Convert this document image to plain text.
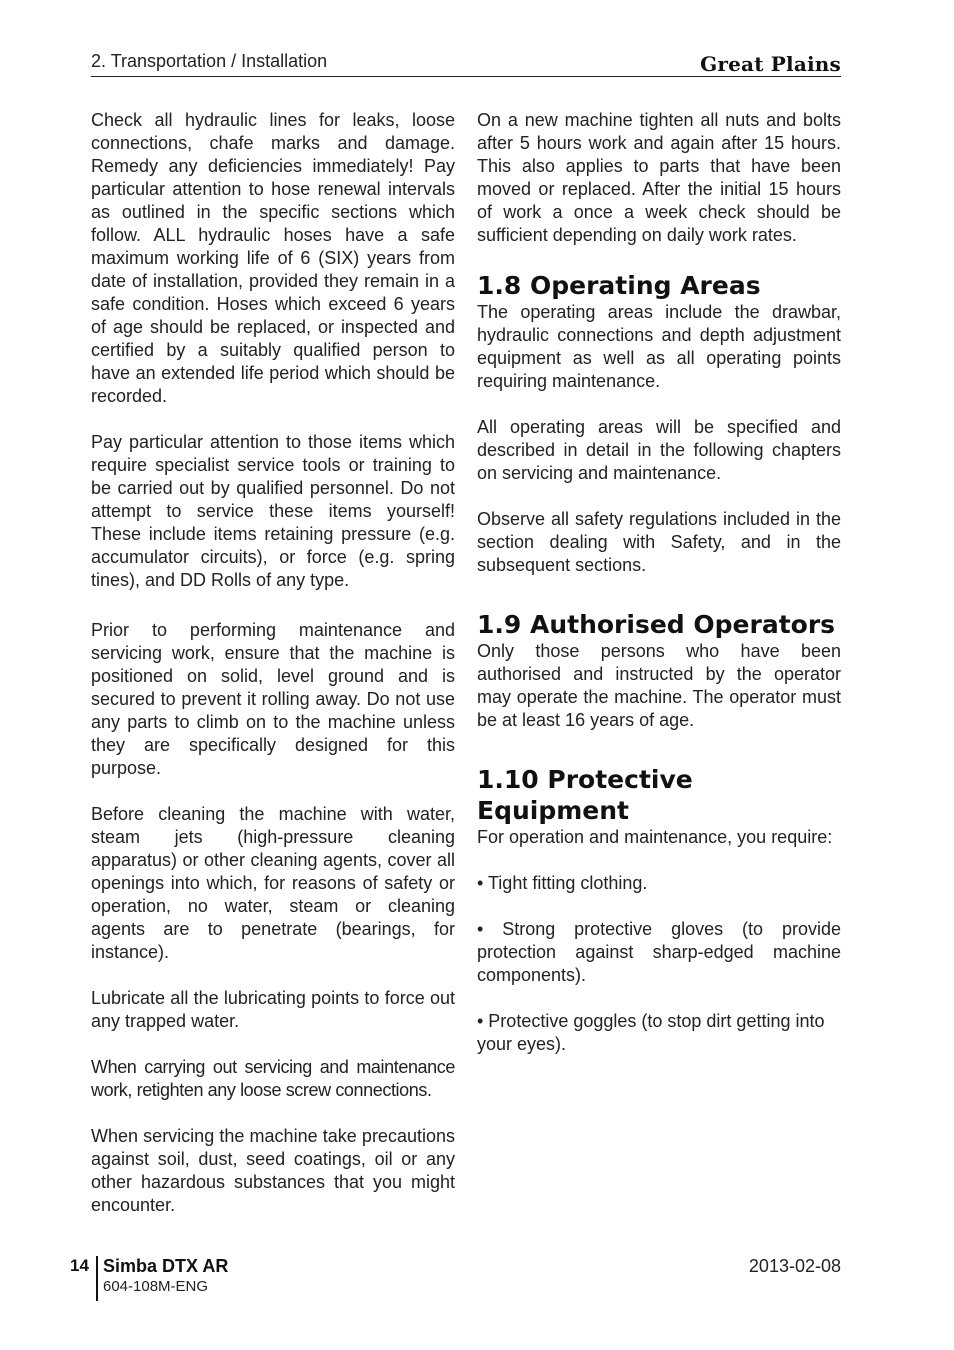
2. Transportation / Installation	Great Plains

Check all hydraulic lines for leaks, loose connections, chafe marks and damage. Remedy any deficiencies immediately! Pay particular attention to hose renewal intervals as outlined in the specific sections which follow. ALL hydraulic hoses have a safe maximum working life of 6 (SIX) years from date of installation, provided they remain in a safe condition. Hoses which exceed 6 years of age should be replaced, or inspected and certified by a suitably qualified person to have an extended life period which should be recorded.

Pay particular attention to those items which require specialist service tools or training to be carried out by qualified personnel. Do not attempt to service these items yourself! These include items retaining pressure (e.g. accumulator circuits), or force (e.g. spring tines), and DD Rolls of any type.

Prior to performing maintenance and servicing work, ensure that the machine is positioned on solid, level ground and is secured to prevent it rolling away. Do not use any parts to climb on to the machine unless they are specifically designed for this purpose.

Before cleaning the machine with water, steam jets (high-pressure cleaning apparatus) or other cleaning agents, cover all openings into which, for reasons of safety or operation, no water, steam or cleaning agents are to penetrate (bearings, for instance).

Lubricate all the lubricating points to force out any trapped water.

When carrying out servicing and maintenance work, retighten any loose screw connections.

When servicing the machine take precautions against soil, dust, seed coatings, oil or any other hazardous substances that you might encounter.

On a new machine tighten all nuts and bolts after 5 hours work and again after 15 hours. This also applies to parts that have been moved or replaced. After the initial 15 hours of work a once a week check should be sufficient depending on daily work rates.

1.8 Operating Areas

The operating areas include the drawbar, hydraulic connections and depth adjustment equipment as well as all operating points requiring maintenance.

All operating areas will be specified and described in detail in the following chapters on servicing and maintenance.

Observe all safety regulations included in the section dealing with Safety, and in the subsequent sections.

1.9 Authorised Operators

Only those persons who have been authorised and instructed by the operator may operate the machine. The operator must be at least 16 years of age.

1.10 Protective Equipment

For operation and maintenance, you require:

• Tight fitting clothing.

• Strong protective gloves (to provide protection against sharp-edged machine components).

• Protective goggles (to stop dirt getting into your eyes).

14 Simba DTX AR
604-108M-ENG
2013-02-08
